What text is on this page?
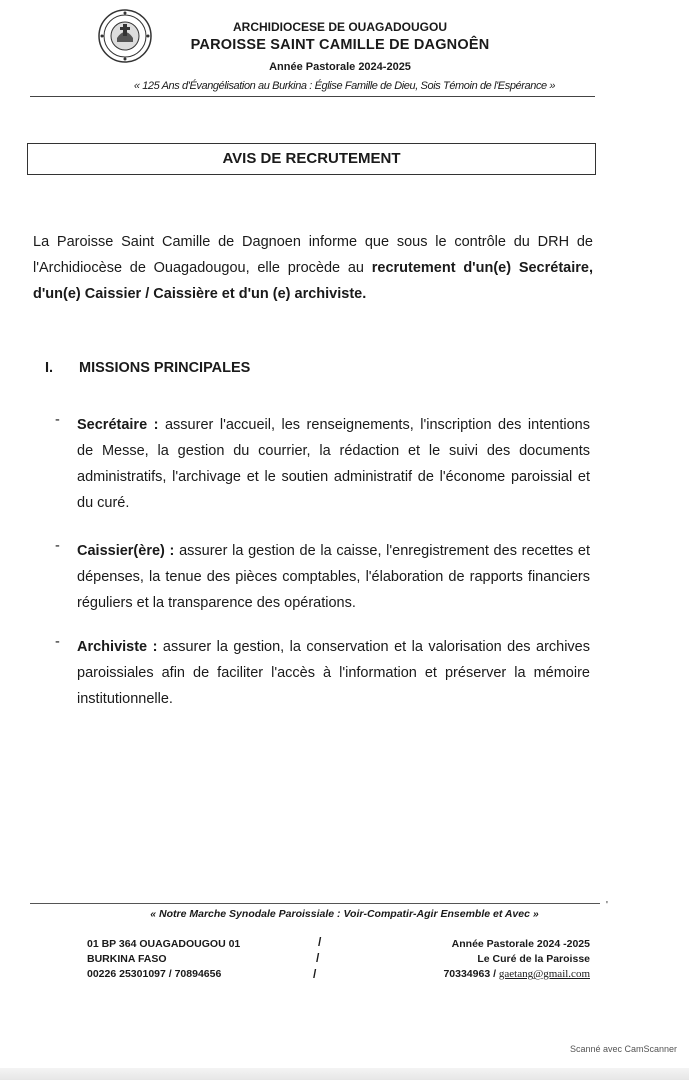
ARCHIDIOCESE DE OUAGADOUGOU
PAROISSE SAINT CAMILLE DE DAGNOÊN
Année Pastorale 2024-2025
« 125 Ans d'Évangélisation au Burkina : Église Famille de Dieu, Sois Témoin de l'Espérance »
AVIS DE RECRUTEMENT
La Paroisse Saint Camille de Dagnoen informe que sous le contrôle du DRH de l'Archidiocèse de Ouagadougou, elle procède au recrutement d'un(e) Secrétaire, d'un(e) Caissier / Caissière et d'un (e) archiviste.
I. MISSIONS PRINCIPALES
- Secrétaire : assurer l'accueil, les renseignements, l'inscription des intentions de Messe, la gestion du courrier, la rédaction et le suivi des documents administratifs, l'archivage et le soutien administratif de l'économe paroissial et du curé.
- Caissier(ère) : assurer la gestion de la caisse, l'enregistrement des recettes et dépenses, la tenue des pièces comptables, l'élaboration de rapports financiers réguliers et la transparence des opérations.
- Archiviste : assurer la gestion, la conservation et la valorisation des archives paroissiales afin de faciliter l'accès à l'information et préserver la mémoire institutionnelle.
'
« Notre Marche Synodale Paroissiale : Voir-Compatir-Agir Ensemble et Avec »
01 BP 364 OUAGADOUGOU 01
BURKINA FASO
00226 25301097 / 70894656
/
/
/
Année Pastorale 2024 -2025
Le Curé de la Paroisse
70334963 / gaetang@gmail.com
Scanné avec CamScanner
